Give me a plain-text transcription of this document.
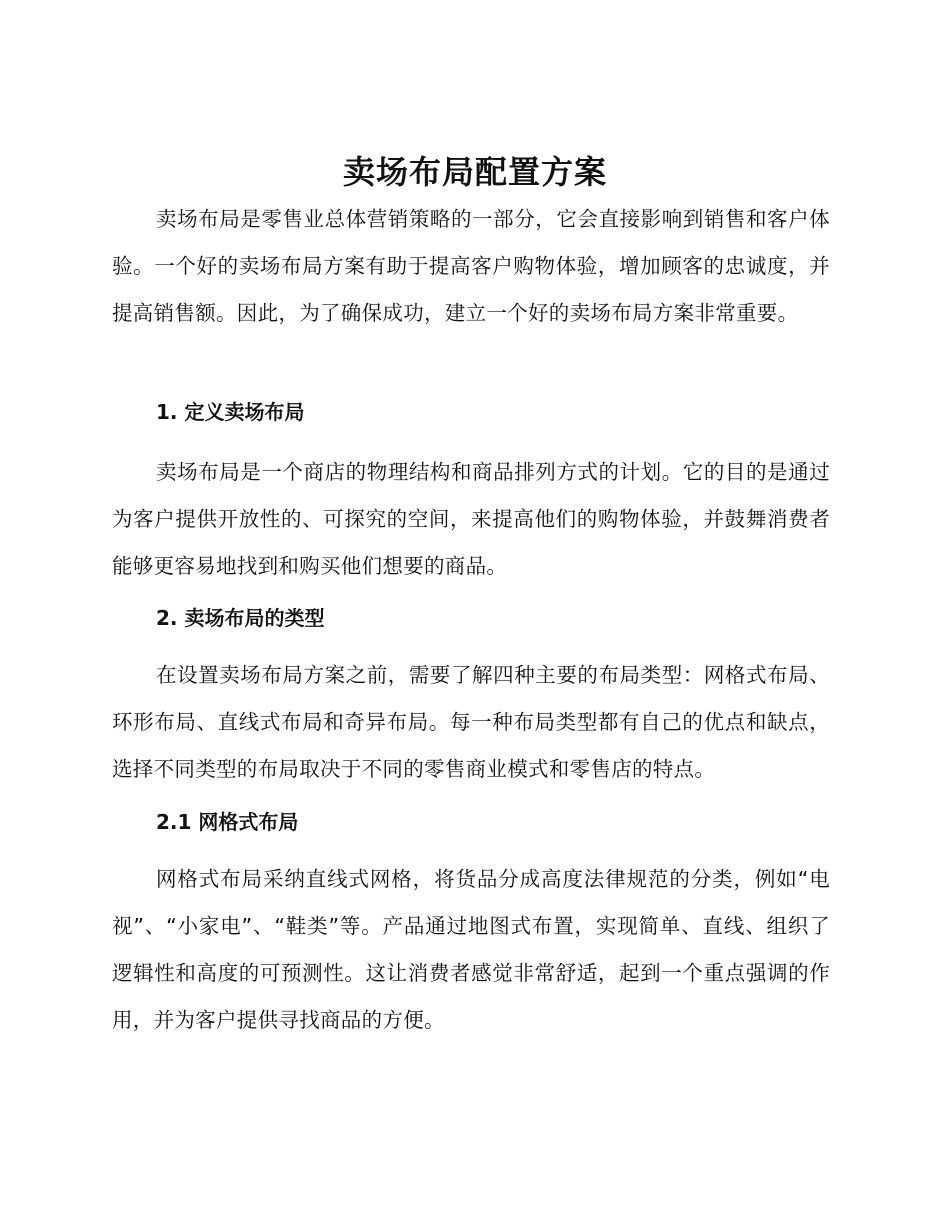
卖场布局配置方案

卖场布局是零售业总体营销策略的一部分，它会直接影响到销售和客户体验。一个好的卖场布局方案有助于提高客户购物体验，增加顾客的忠诚度，并提高销售额。因此，为了确保成功，建立一个好的卖场布局方案非常重要。

1. 定义卖场布局

卖场布局是一个商店的物理结构和商品排列方式的计划。它的目的是通过为客户提供开放性的、可探究的空间，来提高他们的购物体验，并鼓舞消费者能够更容易地找到和购买他们想要的商品。

2. 卖场布局的类型

在设置卖场布局方案之前，需要了解四种主要的布局类型：网格式布局、环形布局、直线式布局和奇异布局。每一种布局类型都有自己的优点和缺点，选择不同类型的布局取决于不同的零售商业模式和零售店的特点。

2.1 网格式布局

网格式布局采纳直线式网格，将货品分成高度法律规范的分类，例如“电视”、“小家电”、“鞋类”等。产品通过地图式布置，实现简单、直线、组织了逻辑性和高度的可预测性。这让消费者感觉非常舒适，起到一个重点强调的作用，并为客户提供寻找商品的方便。
